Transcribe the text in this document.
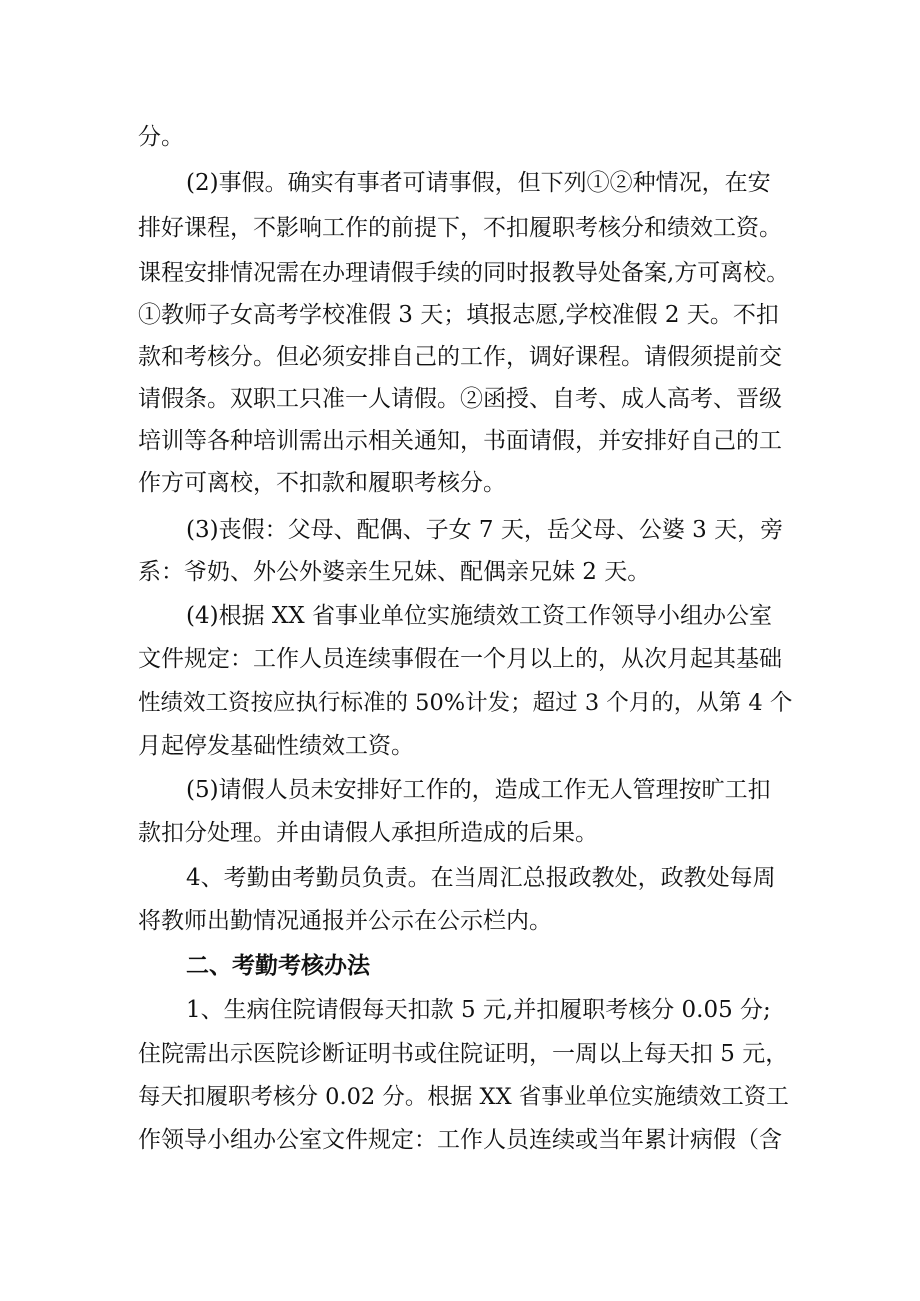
分。
(2)事假。确实有事者可请事假，但下列①②种情况，在安
排好课程，不影响工作的前提下，不扣履职考核分和绩效工资。
课程安排情况需在办理请假手续的同时报教导处备案,方可离校。
①教师子女高考学校准假 3 天；填报志愿,学校准假 2 天。不扣
款和考核分。但必须安排自己的工作，调好课程。请假须提前交
请假条。双职工只准一人请假。②函授、自考、成人高考、晋级
培训等各种培训需出示相关通知，书面请假，并安排好自己的工
作方可离校，不扣款和履职考核分。
(3)丧假：父母、配偶、子女 7 天，岳父母、公婆 3 天，旁
系：爷奶、外公外婆亲生兄妹、配偶亲兄妹 2 天。
(4)根据 XX 省事业单位实施绩效工资工作领导小组办公室
文件规定：工作人员连续事假在一个月以上的，从次月起其基础
性绩效工资按应执行标准的 50%计发；超过 3 个月的，从第 4 个
月起停发基础性绩效工资。
(5)请假人员未安排好工作的，造成工作无人管理按旷工扣
款扣分处理。并由请假人承担所造成的后果。
4、考勤由考勤员负责。在当周汇总报政教处，政教处每周
将教师出勤情况通报并公示在公示栏内。
二、考勤考核办法
1、生病住院请假每天扣款 5 元,并扣履职考核分 0.05 分;
住院需出示医院诊断证明书或住院证明，一周以上每天扣 5 元，
每天扣履职考核分 0.02 分。根据 XX 省事业单位实施绩效工资工
作领导小组办公室文件规定：工作人员连续或当年累计病假（含
